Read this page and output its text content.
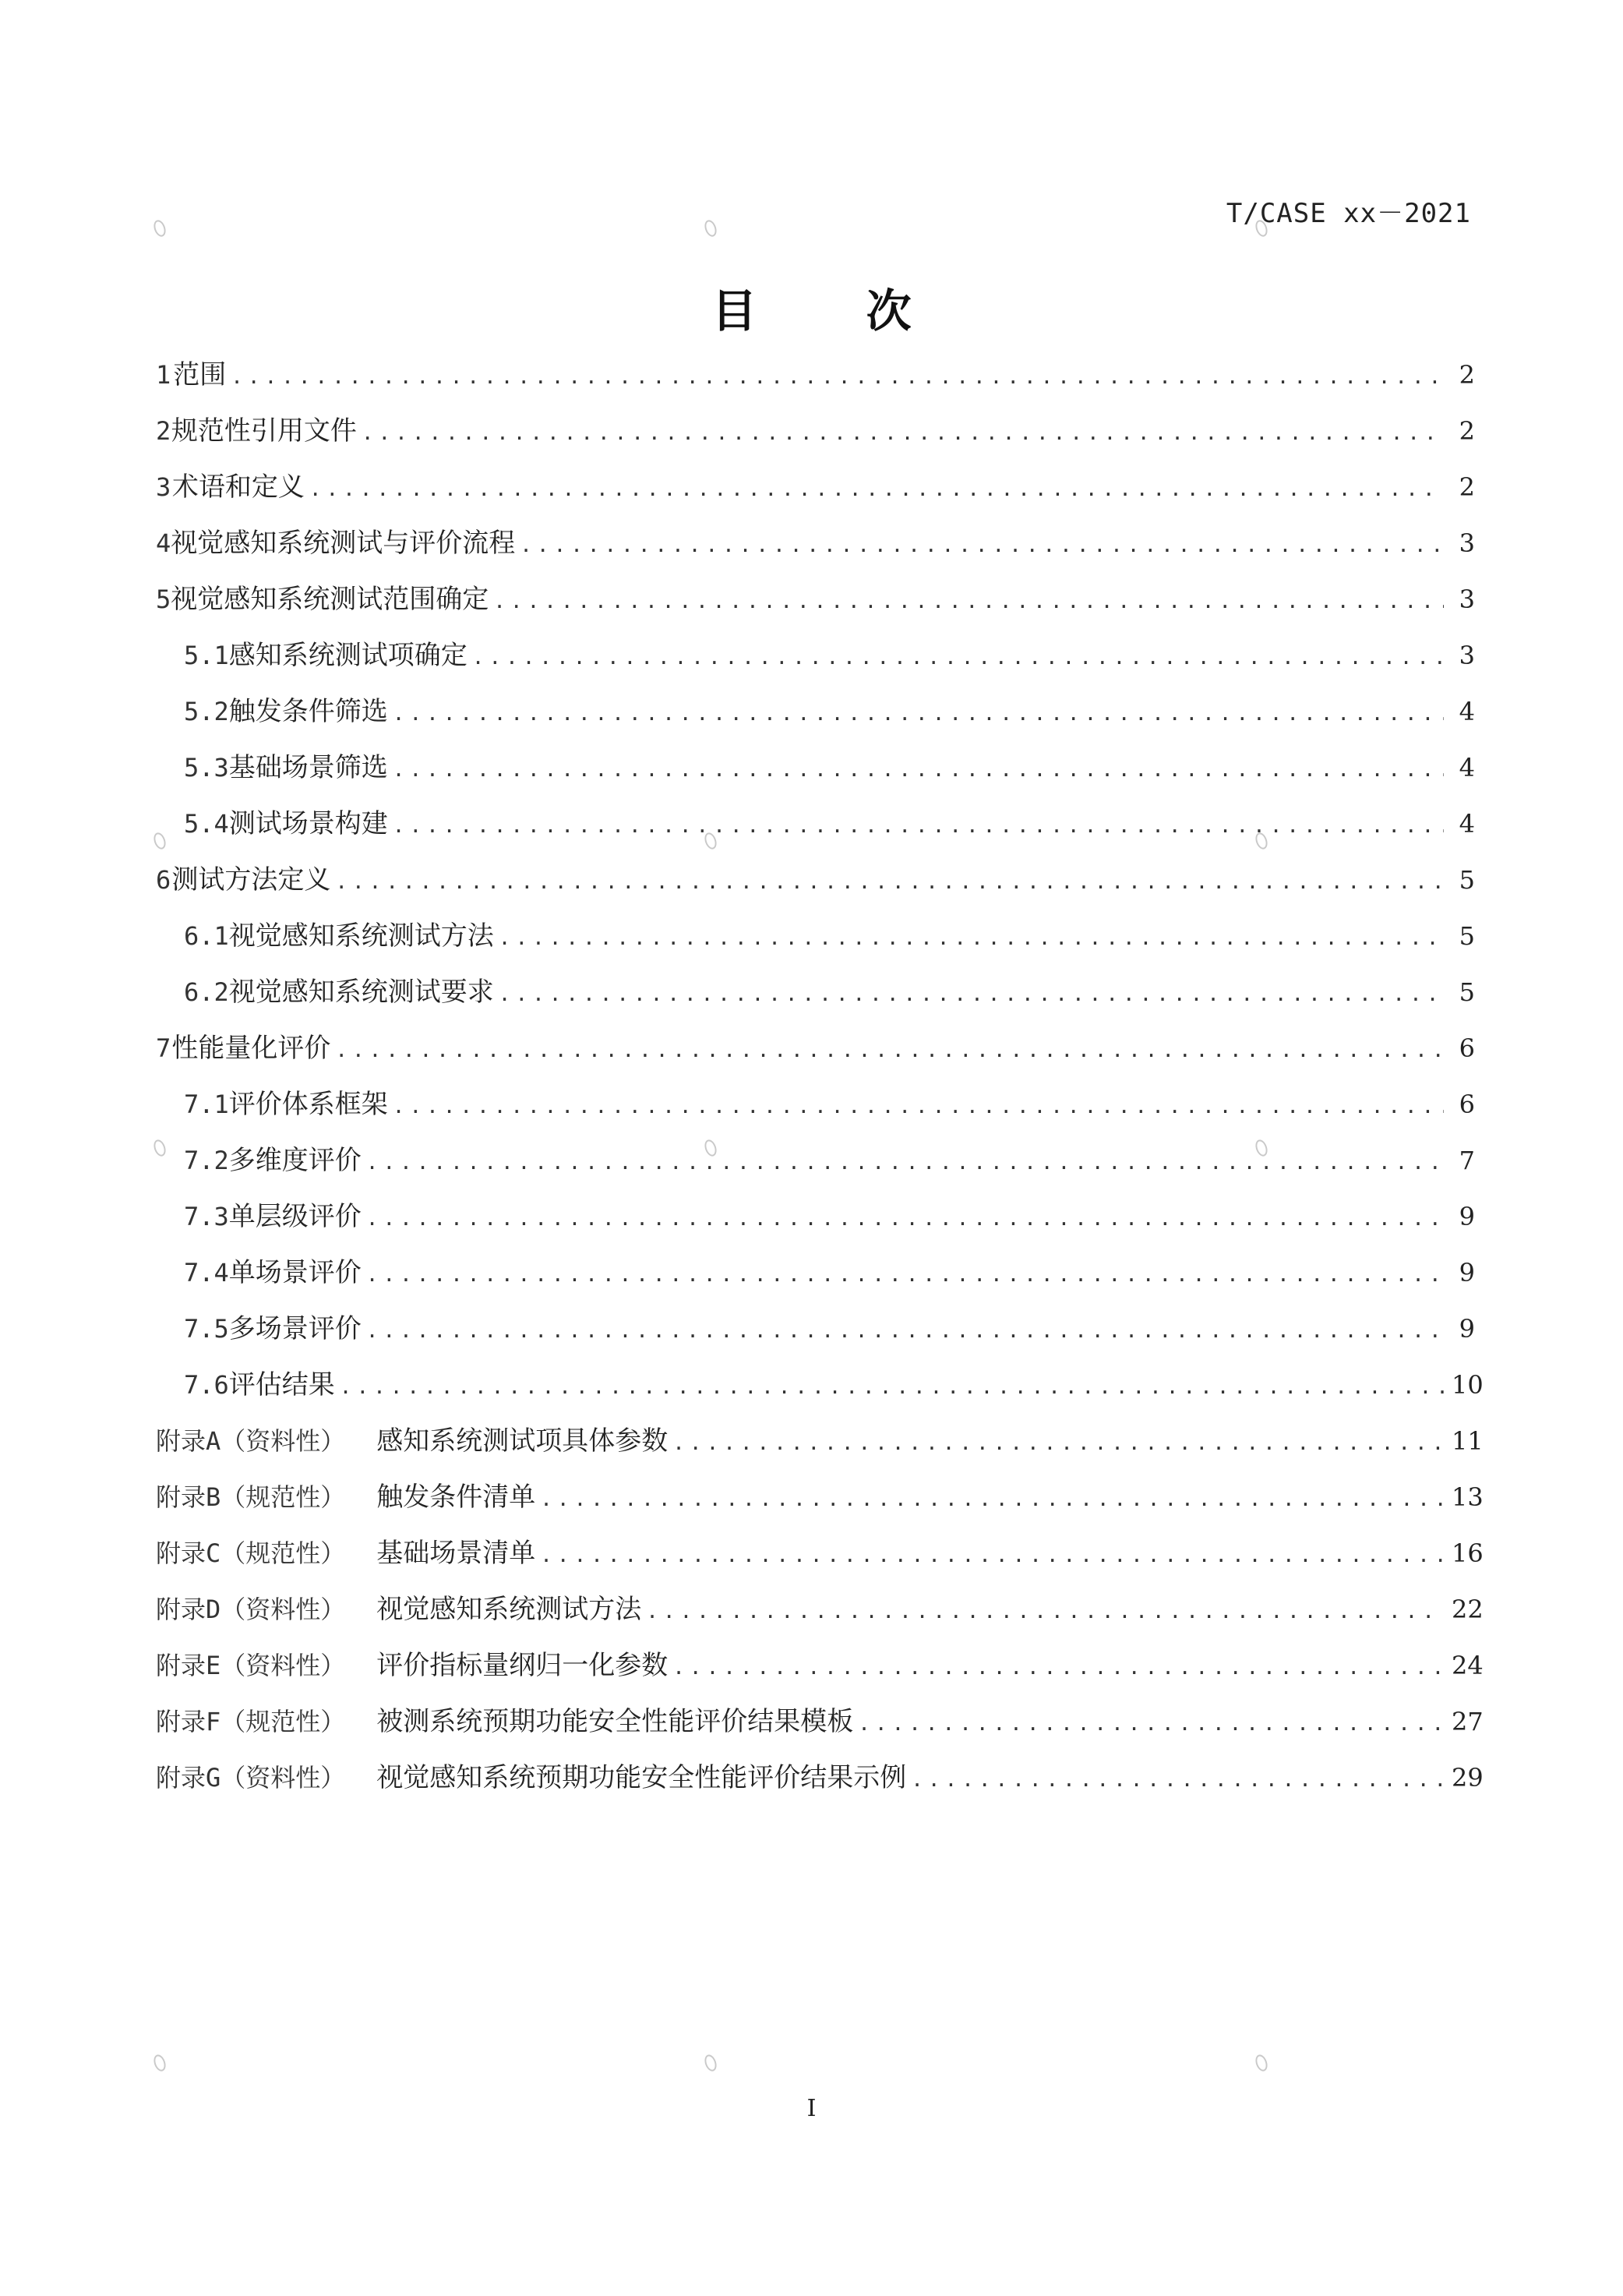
T/CASE xx－2021
目 次
1 范围 .....	2
2 规范性引用文件 .....	2
3 术语和定义 .....	2
4 视觉感知系统测试与评价流程 .....	3
5 视觉感知系统测试范围确定 .....	3
5.1 感知系统测试项确定 .....	3
5.2 触发条件筛选 .....	4
5.3 基础场景筛选 .....	4
5.4 测试场景构建 .....	4
6 测试方法定义 .....	5
6.1 视觉感知系统测试方法 .....	5
6.2 视觉感知系统测试要求 .....	5
7 性能量化评价 .....	6
7.1 评价体系框架 .....	6
7.2 多维度评价 .....	7
7.3 单层级评价 .....	9
7.4 单场景评价 .....	9
7.5 多场景评价 .....	9
7.6 评估结果 .....	10
附录A（资料性） 感知系统测试项具体参数 .....	11
附录B（规范性） 触发条件清单 .....	13
附录C（规范性） 基础场景清单 .....	16
附录D（资料性） 视觉感知系统测试方法 .....	22
附录E（资料性） 评价指标量纲归一化参数 .....	24
附录F（规范性） 被测系统预期功能安全性能评价结果模板 .....	27
附录G（资料性） 视觉感知系统预期功能安全性能评价结果示例 .....	29
I
